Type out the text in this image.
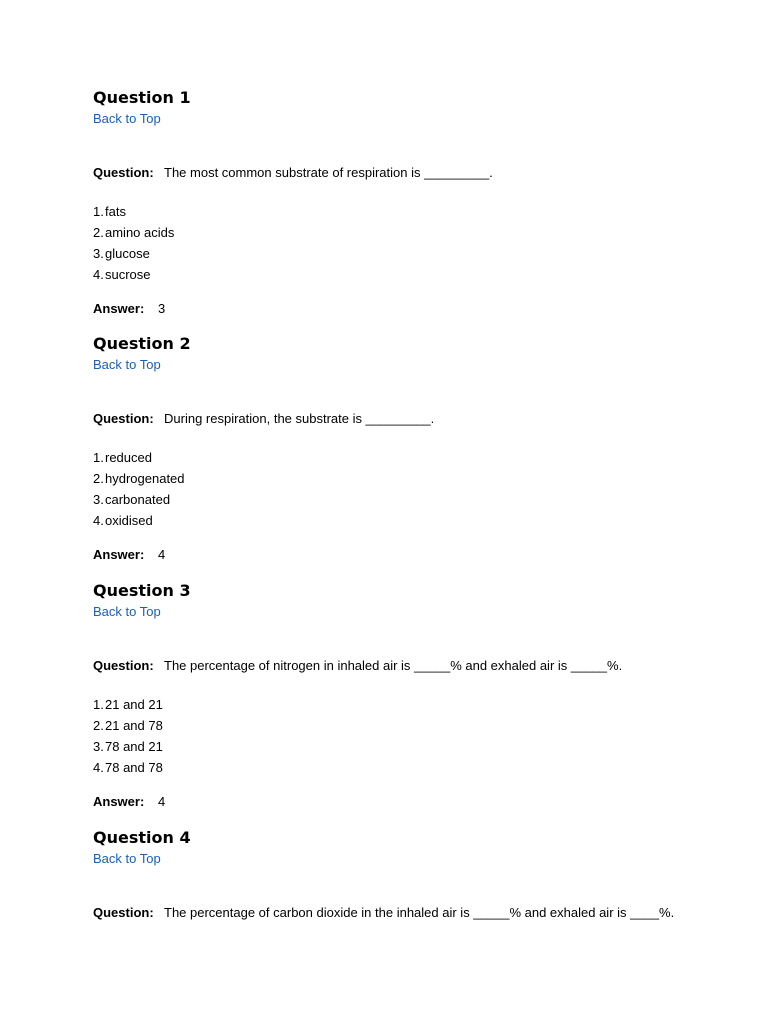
Question 1
Back to Top
Question: The most common substrate of respiration is _________.
1.fats
2.amino acids
3.glucose
4.sucrose
Answer: 3
Question 2
Back to Top
Question: During respiration, the substrate is _________.
1.reduced
2.hydrogenated
3.carbonated
4.oxidised
Answer: 4
Question 3
Back to Top
Question: The percentage of nitrogen in inhaled air is _____% and exhaled air is _____%.
1.21 and 21
2.21 and 78
3.78 and 21
4.78 and 78
Answer: 4
Question 4
Back to Top
Question: The percentage of carbon dioxide in the inhaled air is _____% and exhaled air is ____%.
